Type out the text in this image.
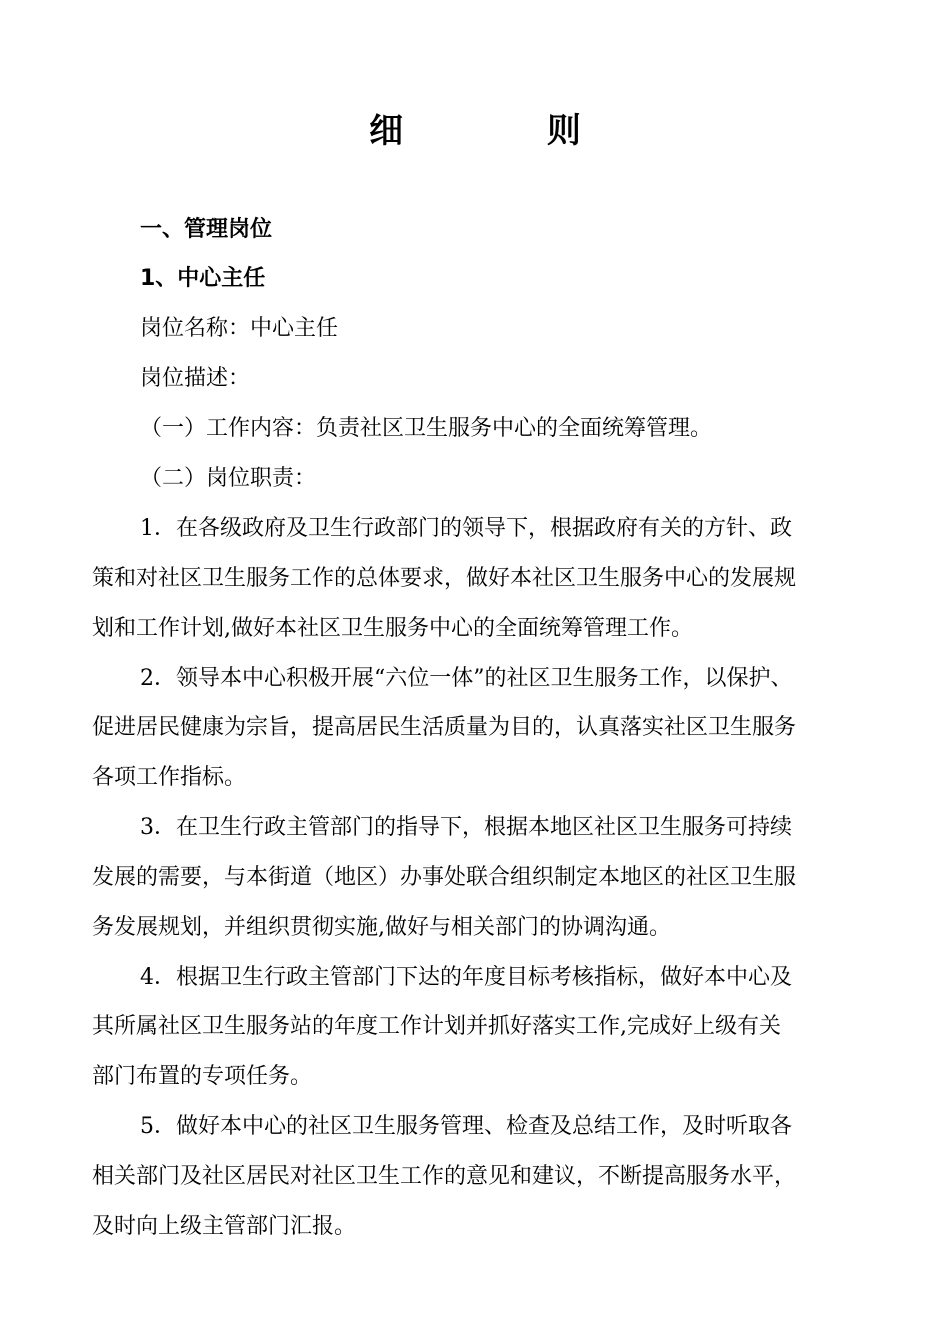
细 则
一、管理岗位
1、中心主任
岗位名称：中心主任
岗位描述：
（一）工作内容：负责社区卫生服务中心的全面统筹管理。
（二）岗位职责：
1．在各级政府及卫生行政部门的领导下，根据政府有关的方针、政
策和对社区卫生服务工作的总体要求，做好本社区卫生服务中心的发展规
划和工作计划,做好本社区卫生服务中心的全面统筹管理工作。
2．领导本中心积极开展“六位一体”的社区卫生服务工作，以保护、
促进居民健康为宗旨，提高居民生活质量为目的，认真落实社区卫生服务
各项工作指标。
3．在卫生行政主管部门的指导下，根据本地区社区卫生服务可持续
发展的需要，与本街道（地区）办事处联合组织制定本地区的社区卫生服
务发展规划，并组织贯彻实施,做好与相关部门的协调沟通。
4．根据卫生行政主管部门下达的年度目标考核指标，做好本中心及
其所属社区卫生服务站的年度工作计划并抓好落实工作,完成好上级有关
部门布置的专项任务。
5．做好本中心的社区卫生服务管理、检查及总结工作，及时听取各
相关部门及社区居民对社区卫生工作的意见和建议，不断提高服务水平，
及时向上级主管部门汇报。
